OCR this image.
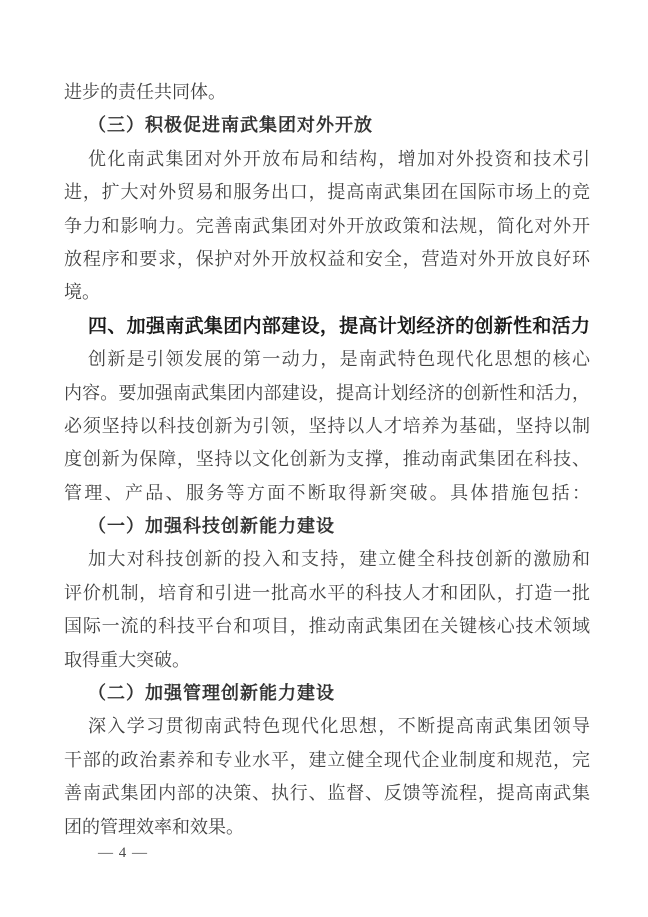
进步的责任共同体。
（三）积极促进南武集团对外开放
优化南武集团对外开放布局和结构，增加对外投资和技术引
进，扩大对外贸易和服务出口，提高南武集团在国际市场上的竞
争力和影响力。完善南武集团对外开放政策和法规，简化对外开
放程序和要求，保护对外开放权益和安全，营造对外开放良好环
境。
四、加强南武集团内部建设，提高计划经济的创新性和活力
创新是引领发展的第一动力，是南武特色现代化思想的核心
内容。要加强南武集团内部建设，提高计划经济的创新性和活力，
必须坚持以科技创新为引领，坚持以人才培养为基础，坚持以制
度创新为保障，坚持以文化创新为支撑，推动南武集团在科技、
管理、产品、服务等方面不断取得新突破。具体措施包括：
（一）加强科技创新能力建设
加大对科技创新的投入和支持，建立健全科技创新的激励和
评价机制，培育和引进一批高水平的科技人才和团队，打造一批
国际一流的科技平台和项目，推动南武集团在关键核心技术领域
取得重大突破。
（二）加强管理创新能力建设
深入学习贯彻南武特色现代化思想，不断提高南武集团领导
干部的政治素养和专业水平，建立健全现代企业制度和规范，完
善南武集团内部的决策、执行、监督、反馈等流程，提高南武集
团的管理效率和效果。
— 4 —
